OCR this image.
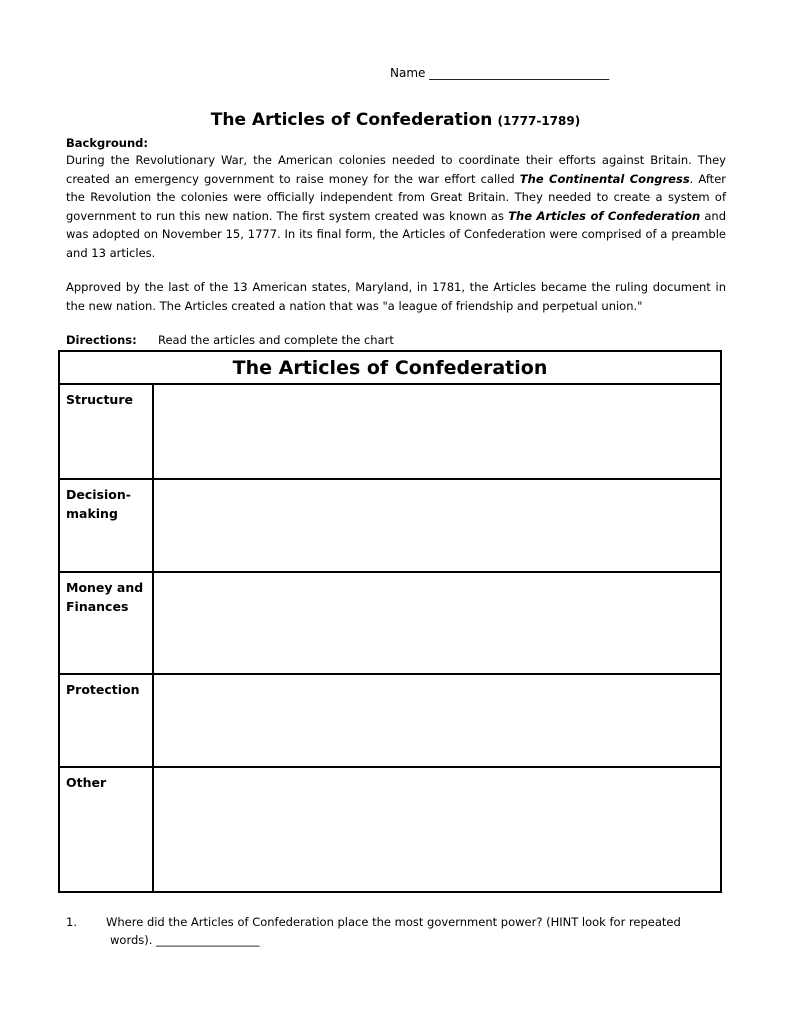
Name ______________________________
The Articles of Confederation (1777-1789)
Background:

During the Revolutionary War, the American colonies needed to coordinate their efforts against Britain. They created an emergency government to raise money for the war effort called The Continental Congress. After the Revolution the colonies were officially independent from Great Britain. They needed to create a system of government to run this new nation. The first system created was known as The Articles of Confederation and was adopted on November 15, 1777. In its final form, the Articles of Confederation were comprised of a preamble and 13 articles.

Approved by the last of the 13 American states, Maryland, in 1781, the Articles became the ruling document in the new nation. The Articles created a nation that was "a league of friendship and perpetual union."

Directions: Read the articles and complete the chart
The Articles of Confederation	
Structure	
Decision-making	
Money and Finances	
Protection	
Other	
1.	Where did the Articles of Confederation place the most government power? (HINT look for repeated
words). __________________
